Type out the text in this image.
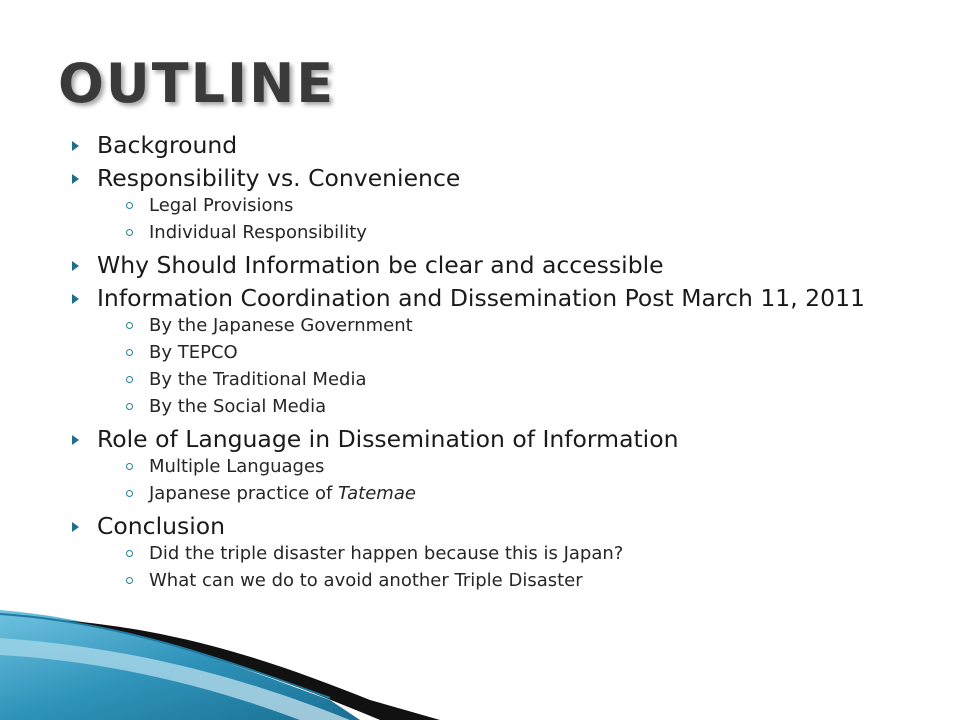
OUTLINE
Background
Responsibility vs. Convenience
Legal Provisions
Individual Responsibility
Why Should Information be clear and accessible
Information Coordination and Dissemination Post March 11, 2011
By the Japanese Government
By TEPCO
By the Traditional Media
By the Social Media
Role of Language in Dissemination of Information
Multiple Languages
Japanese practice of Tatemae
Conclusion
Did the triple disaster happen because this is Japan?
What can we do to avoid another Triple Disaster
